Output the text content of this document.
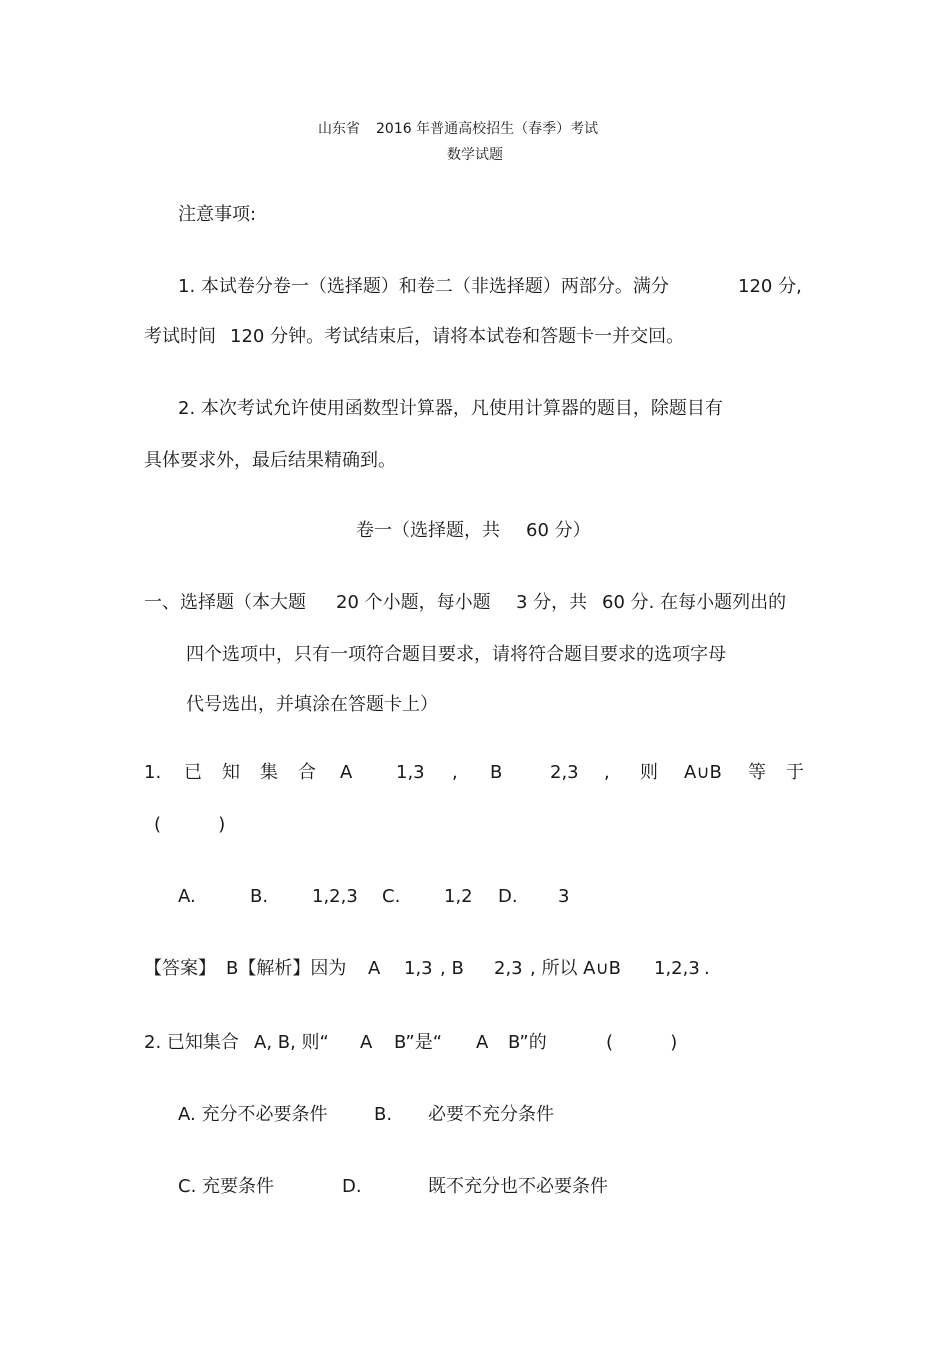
山东省 2016 年普通高校招生（春季）考试
数学试题
注意事项:
1. 本试卷分卷一（选择题）和卷二（非选择题）两部分。满分	120 分,
考试时间 120 分钟。考试结束后，请将本试卷和答题卡一并交回。
2. 本次考试允许使用函数型计算器，凡使用计算器的题目，除题目有
具体要求外，最后结果精确到。
卷一（选择题，共 60 分）
一、选择题（本大题 20 个小题，每小题 3 分，共 60 分. 在每小题列出的
四个选项中，只有一项符合题目要求，请将符合题目要求的选项字母
代号选出，并填涂在答题卡上）
1. 已 知 集 合 A 1,3 , B	2,3 , 则 A∪B 等 于
(          )
A.	B. 1,2,3 C. 1,2 D. 3
【答案】 B【解析】因为 A 1,3 , B 2,3 , 所以 A∪B 1,2,3 .
2. 已知集合 A, B, 则“ A B”是“ A B”的	(          )
A. 充分不必要条件	B. 必要不充分条件
C. 充要条件	D.	既不充分也不必要条件
